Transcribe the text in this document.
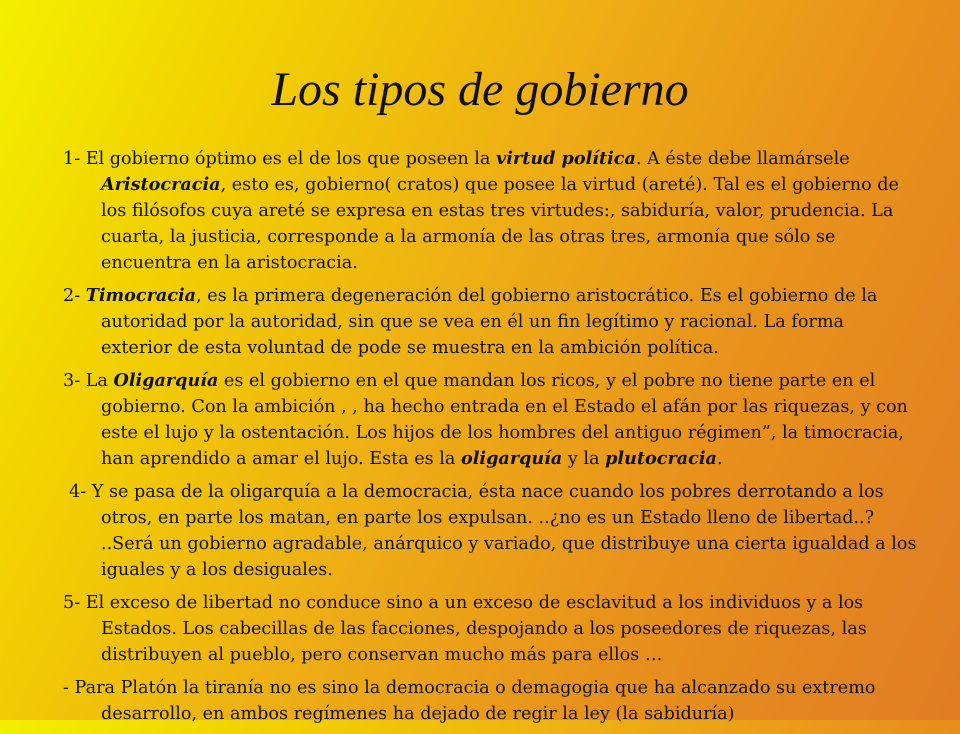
Los tipos de gobierno

1- El gobierno óptimo es el de los que poseen la virtud política. A éste debe llamársele Aristocracia, esto es, gobierno( cratos) que posee la virtud (areté). Tal es el gobierno de los filósofos cuya areté se expresa en estas tres virtudes:, sabiduría, valor, prudencia. La cuarta, la justicia, corresponde a la armonía de las otras tres, armonía que sólo se encuentra en la aristocracia.

2- Timocracia, es la primera degeneración del gobierno aristocrático. Es el gobierno de la autoridad por la autoridad, sin que se vea en él un fin legítimo y racional. La forma exterior de esta voluntad de pode se muestra en la ambición política.

3- La Oligarquía es el gobierno en el que mandan los ricos, y el pobre no tiene parte en el gobierno. Con la ambición , , ha hecho entrada en el Estado el afán por las riquezas, y con este el lujo y la ostentación. Los hijos de los hombres del antiguo régimen”, la timocracia, han aprendido a amar el lujo. Esta es la oligarquía y la plutocracia.

4- Y se pasa de la oligarquía a la democracia, ésta nace cuando los pobres derrotando a los otros, en parte los matan, en parte los expulsan. ..¿no es un Estado lleno de libertad..? ..Será un gobierno agradable, anárquico y variado, que distribuye una cierta igualdad a los iguales y a los desiguales.

5- El exceso de libertad no conduce sino a un exceso de esclavitud a los individuos y a los Estados. Los cabecillas de las facciones, despojando a los poseedores de riquezas, las distribuyen al pueblo, pero conservan mucho más para ellos …

- Para Platón la tiranía no es sino la democracia o demagogia que ha alcanzado su extremo desarrollo, en ambos regímenes ha dejado de regir la ley (la sabiduría)
